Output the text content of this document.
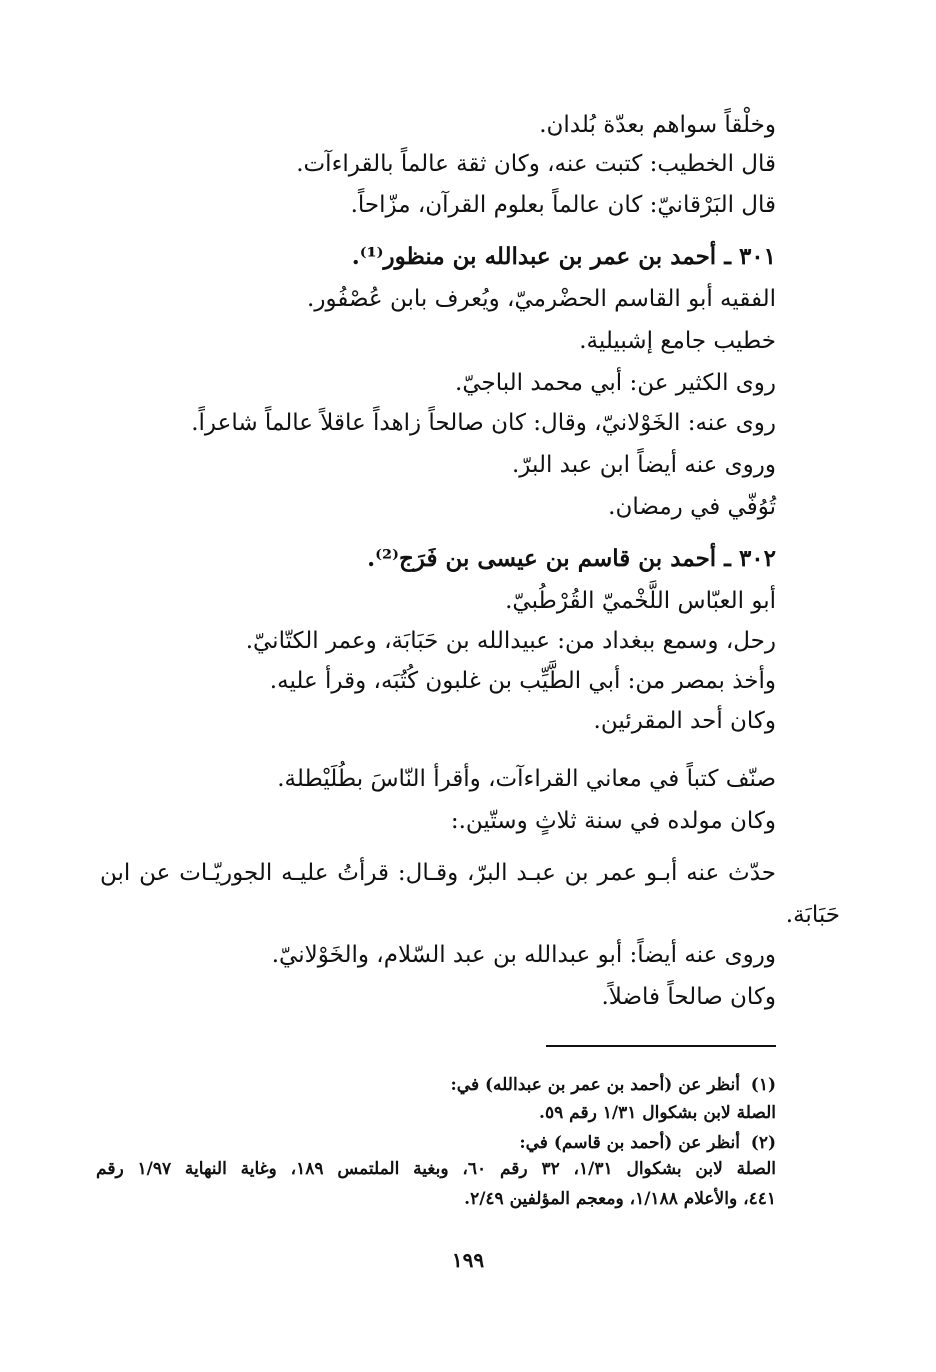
وخلْقاً سواهم بعدّة بُلدان.
قال الخطيب: كتبت عنه، وكان ثقة عالماً بالقراءآت.
قال البَرْقانيّ: كان عالماً بعلوم القرآن، مزّاحاً.
٣٠١ ـ أحمد بن عمر بن عبدالله بن منظور⁽¹⁾.
الفقيه أبو القاسم الحضْرميّ، ويُعرف بابن عُصْفُور.
خطيب جامع إشبيلية.
روى الكثير عن: أبي محمد الباجيّ.
روى عنه: الخَوْلانيّ، وقال: كان صالحاً زاهداً عاقلاً عالماً شاعراً.
وروى عنه أيضاً ابن عبد البرّ.
تُوُفّي في رمضان.
٣٠٢ ـ أحمد بن قاسم بن عيسى بن فَرَج⁽²⁾.
أبو العبّاس اللَّخْميّ القُرْطُبيّ.
رحل، وسمع ببغداد من: عبيدالله بن حَبَابَة، وعمر الكتّانيّ.
وأخذ بمصر من: أبي الطَّيِّب بن غلبون كُتُبَه، وقرأ عليه.
وكان أحد المقرئين.
صنّف كتباً في معاني القراءآت، وأقرأ النّاسَ بطُلَيْطلة.
وكان مولده في سنة ثلاثٍ وستّين.:
حدّث عنه أبـو عمر بن عبـد البرّ، وقـال: قرأتُ عليـه الجوريّـات عن ابن
حَبَابَة.
وروى عنه أيضاً: أبو عبدالله بن عبد السّلام، والخَوْلانيّ.
وكان صالحاً فاضلاً.
(١)
أنظر عن (أحمد بن عمر بن عبدالله) في:
الصلة لابن بشكوال ١/٣١ رقم ٥٩.
(٢)
أنظر عن (أحمد بن قاسم) في:
الصلة لابن بشكوال ١/٣١، ٣٢ رقم ٦٠، وبغية الملتمس ١٨٩، وغاية النهاية ١/٩٧ رقم
٤٤١، والأعلام ١/١٨٨، ومعجم المؤلفين ٢/٤٩.
١٩٩
